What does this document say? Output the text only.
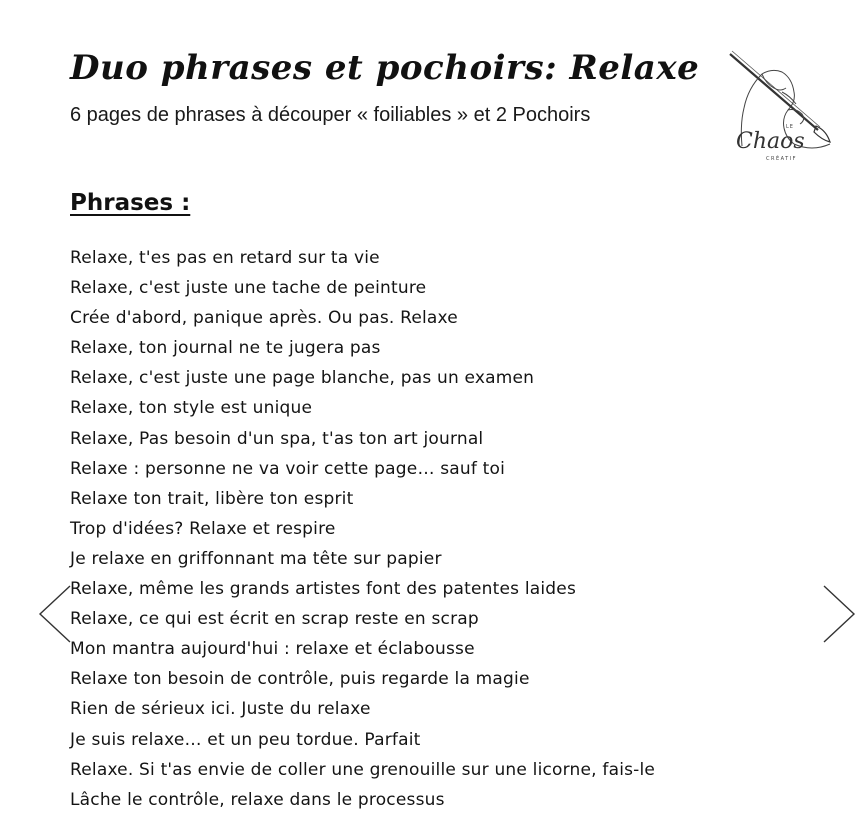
Duo phrases et pochoirs: Relaxe
6 pages de phrases à découper « foiliables » et 2 Pochoirs
LE
Chaos
CRÉATIF
Phrases :
Relaxe, t'es pas en retard sur ta vie
Relaxe, c'est juste une tache de peinture
Crée d'abord, panique après. Ou pas. Relaxe
Relaxe, ton journal ne te jugera pas
Relaxe, c'est juste une page blanche, pas un examen
Relaxe, ton style est unique
Relaxe, Pas besoin d'un spa, t'as ton art journal
Relaxe : personne ne va voir cette page… sauf toi
Relaxe ton trait, libère ton esprit
Trop d'idées? Relaxe et respire
Je relaxe en griffonnant ma tête sur papier
Relaxe, même les grands artistes font des patentes laides
Relaxe, ce qui est écrit en scrap reste en scrap
Mon mantra aujourd'hui : relaxe et éclabousse
Relaxe ton besoin de contrôle, puis regarde la magie
Rien de sérieux ici. Juste du relaxe
Je suis relaxe… et un peu tordue. Parfait
Relaxe. Si t'as envie de coller une grenouille sur une licorne, fais-le
Lâche le contrôle, relaxe dans le processus
